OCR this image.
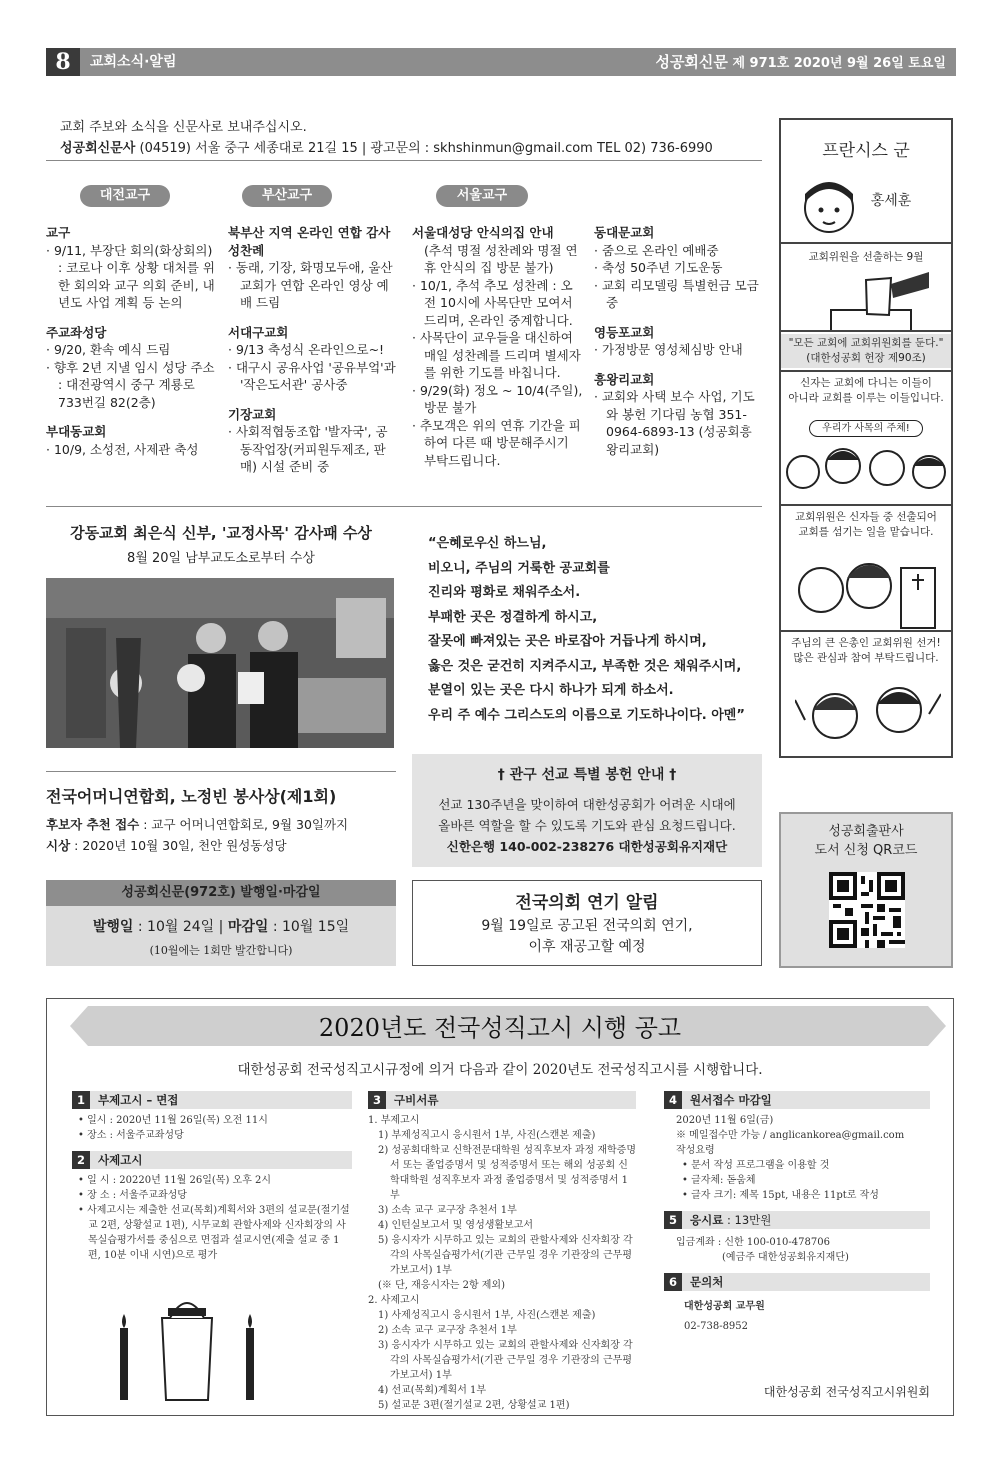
8	교회소식·알림	성공회신문 제 971호 2020년 9월 26일 토요일
교회 주보와 소식을 신문사로 보내주십시오.
성공회신문사 (04519) 서울 중구 세종대로 21길 15 | 광고문의 : skhshinmun@gmail.com TEL 02) 736-6990
대전교구	부산교구	서울교구
교구
· 9/11, 부장단 회의(화상회의) : 코로나 이후 상황 대처를 위한 회의와 교구 의회 준비, 내년도 사업 계획 등 논의
주교좌성당
· 9/20, 환속 예식 드림
· 향후 2년 지낼 임시 성당 주소 : 대전광역시 중구 계룡로 733번길 82(2층)
부대동교회
· 10/9, 소성전, 사제관 축성
북부산 지역 온라인 연합 감사성찬례
· 동래, 기장, 화명모두애, 울산교회가 연합 온라인 영상 예배 드림
서대구교회
· 9/13 축성식 온라인으로~!
· 대구시 공유사업 '공유부엌'과 '작은도서관' 공사중
기장교회
· 사회적협동조합 '발자국', 공동작업장(커피원두제조, 판매) 시설 준비 중
서울대성당 안식의집 안내
(추석 명절 성찬례와 명절 연휴 안식의 집 방문 불가)
· 10/1, 추석 추모 성찬례 : 오전 10시에 사목단만 모여서 드리며, 온라인 중계합니다.
· 사목단이 교우들을 대신하여 매일 성찬례를 드리며 별세자를 위한 기도를 바칩니다.
· 9/29(화) 정오 ~ 10/4(주일), 방문 불가
· 추모객은 위의 연휴 기간을 피하여 다른 때 방문해주시기 부탁드립니다.
동대문교회
· 줌으로 온라인 예배중
· 축성 50주년 기도운동
· 교회 리모델링 특별헌금 모금 중
영등포교회
· 가정방문 영성체심방 안내
흥왕리교회
· 교회와 사택 보수 사업, 기도와 봉헌 기다림 농협 351-0964-6893-13 (성공회흥왕리교회)
강동교회 최은식 신부, '교정사목' 감사패 수상
8월 20일 남부교도소로부터 수상
“은혜로우신 하느님,
비오니, 주님의 거룩한 공교회를
진리와 평화로 채워주소서.
부패한 곳은 정결하게 하시고,
잘못에 빠져있는 곳은 바로잡아 거듭나게 하시며,
옳은 것은 굳건히 지켜주시고, 부족한 것은 채워주시며,
분열이 있는 곳은 다시 하나가 되게 하소서.
우리 주 예수 그리스도의 이름으로 기도하나이다. 아멘”
전국어머니연합회, 노정빈 봉사상(제1회)
후보자 추천 접수 : 교구 어머니연합회로, 9월 30일까지
시상 : 2020년 10월 30일, 천안 원성동성당
성공회신문(972호) 발행일·마감일
발행일 : 10월 24일 | 마감일 : 10월 15일
(10월에는 1회만 발간합니다)
† 관구 선교 특별 봉헌 안내 †
선교 130주년을 맞이하여 대한성공회가 어려운 시대에
올바른 역할을 할 수 있도록 기도와 관심 요청드립니다.
신한은행 140-002-238276 대한성공회유지재단
전국의회 연기 알림
9월 19일로 공고된 전국의회 연기,
이후 재공고할 예정
프란시스 군
홍세훈
교회위원을 선출하는 9월
"모든 교회에 교회위원회를 둔다."
(대한성공회 헌장 제90조)
신자는 교회에 다니는 이들이
아니라 교회를 이루는 이들입니다.
우리가 사목의 주체!
교회위원은 신자들 중 선출되어
교회를 섬기는 일을 맡습니다.
주님의 큰 은총인 교회위원 선거!
많은 관심과 참여 부탁드립니다.
성공회출판사
도서 신청 QR코드
2020년도 전국성직고시 시행 공고
대한성공회 전국성직고시규정에 의거 다음과 같이 2020년도 전국성직고시를 시행합니다.
1 부제고시 – 면접
• 일시 : 2020년 11월 26일(목) 오전 11시
• 장소 : 서울주교좌성당
2 사제고시
• 일 시 : 20220년 11월 26일(목) 오후 2시
• 장 소 : 서울주교좌성당
• 사제고시는 제출한 선교(목회)계획서와 3편의 설교문(절기설교 2편, 상황설교 1편), 시무교회 관할사제와 신자회장의 사목실습평가서를 중심으로 면접과 설교시연(제출 설교 중 1편, 10분 이내 시연)으로 평가
3 구비서류
1. 부제고시
1) 부제성직고시 응시원서 1부, 사진(스캔본 제출)
2) 성공회대학교 신학전문대학원 성직후보자 과정 재학증명서 또는 졸업증명서 및 성적증명서 또는 해외 성공회 신학대학원 성직후보자 과정 졸업증명서 및 성적증명서 1부
3) 소속 교구 교구장 추천서 1부
4) 인턴실보고서 및 영성생활보고서
5) 응시자가 시무하고 있는 교회의 관할사제와 신자회장 각각의 사목실습평가서(기관 근무일 경우 기관장의 근무평가보고서) 1부
(※ 단, 재응시자는 2항 제외)
2. 사제고시
1) 사제성직고시 응시원서 1부, 사진(스캔본 제출)
2) 소속 교구 교구장 추천서 1부
3) 응시자가 시무하고 있는 교회의 관할사제와 신자회장 각각의 사목실습평가서(기관 근무일 경우 기관장의 근무평가보고서) 1부
4) 선교(목회)계획서 1부
5) 설교문 3편(절기설교 2편, 상황설교 1편)
4 원서접수 마감일
2020년 11월 6일(금)
※ 메일접수만 가능 / anglicankorea@gmail.com
작성요령
• 문서 작성 프로그램을 이용할 것
• 글자체: 돋움체
• 글자 크기: 제목 15pt, 내용은 11pt로 작성
5 응시료 : 13만원
입금계좌 : 신한 100-010-478706
(예금주 대한성공회유지재단)
6 문의처
대한성공회 교무원
02-738-8952
대한성공회 전국성직고시위원회
